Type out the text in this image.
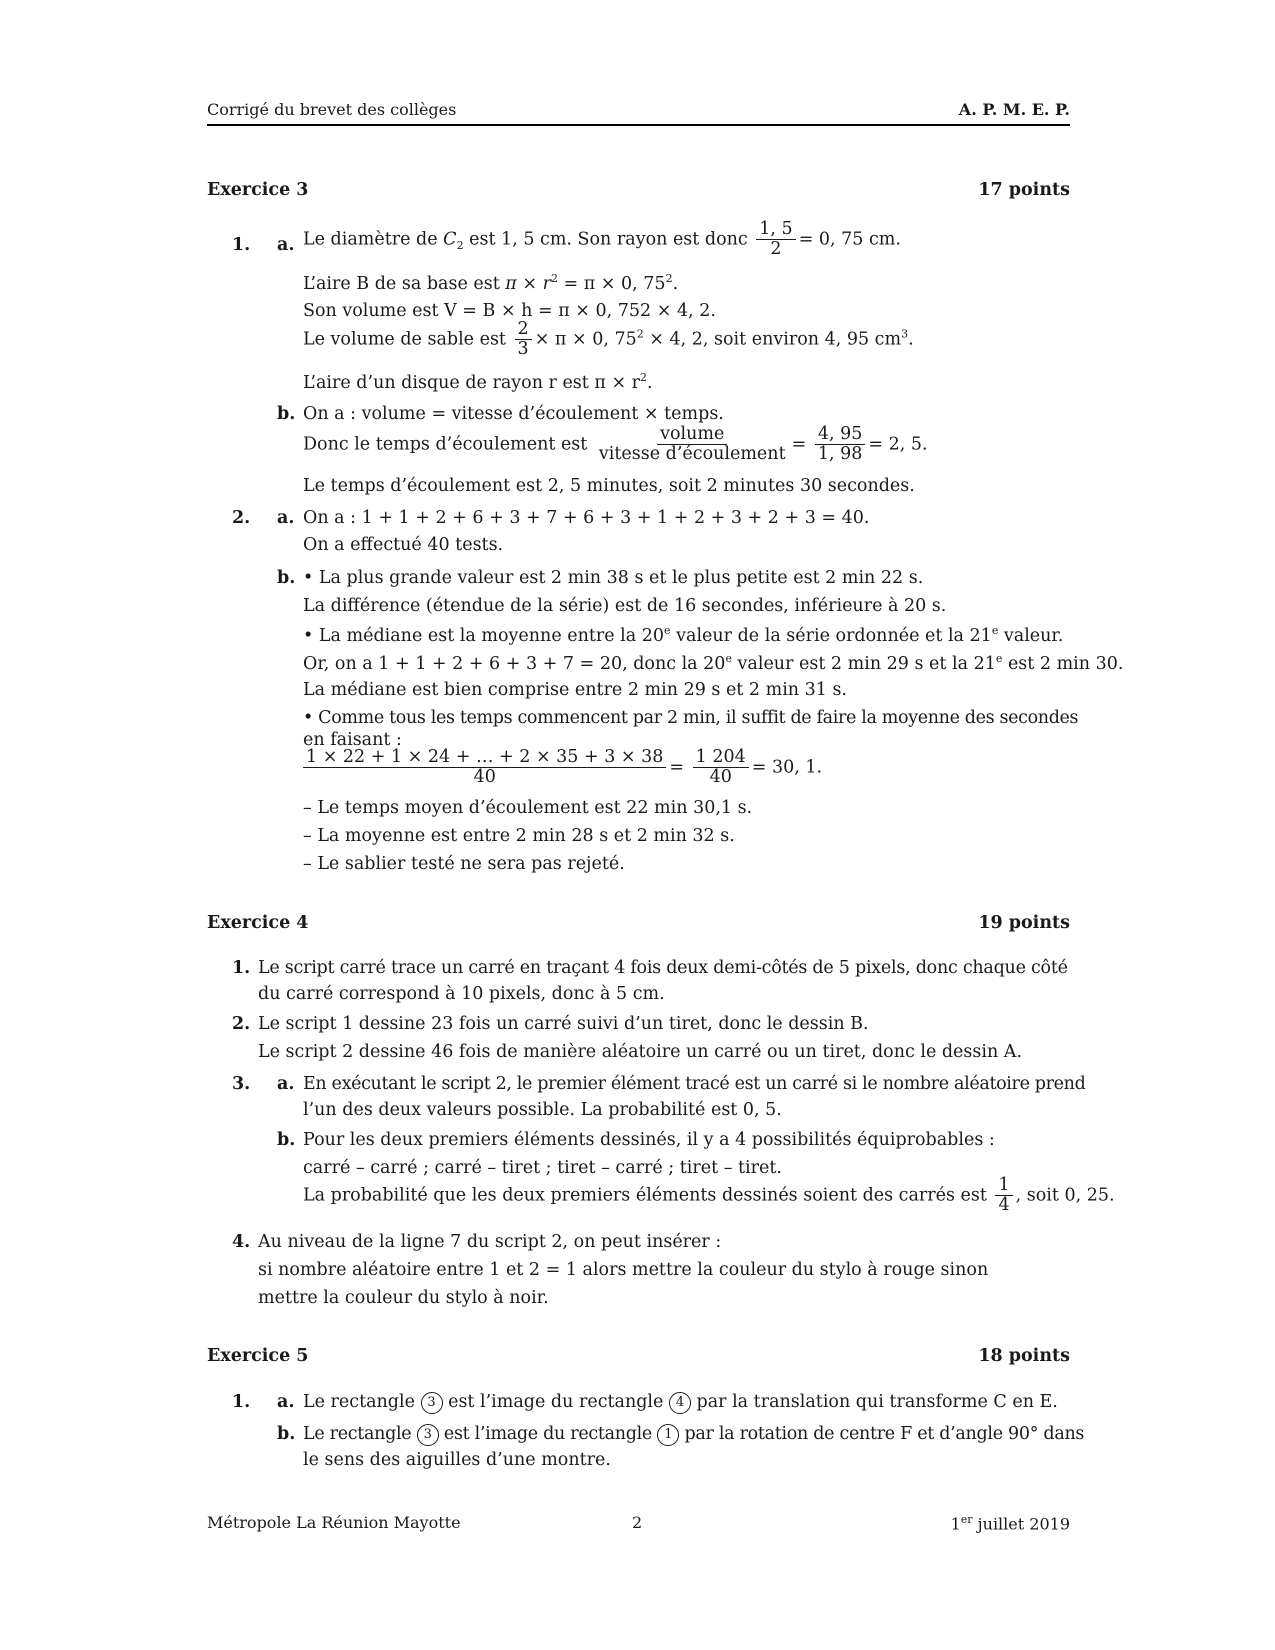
Corrigé du brevet des collèges	A. P. M. E. P.
Exercice 3	17 points
1. a. Le diamètre de $C_2$ est 1, 5 cm. Son rayon est donc $\frac{1, 5}{2} = 0$, 75 cm.
L’aire B de sa base est $\pi \times r^2 = \pi \times 0$, $75^2$.
Son volume est V = B × h = π × 0, 752 × 4, 2.
Le volume de sable est $\frac{2}{3} \times \pi \times 0$, $75^2 \times 4$, 2, soit environ 4, 95 $cm^3$.
L’aire d’un disque de rayon r est $\pi \times r^2$.
b. On a : volume = vitesse d’écoulement × temps.
Donc le temps d’écoulement est $\frac{\text{volume}}{\text{vitesse d’écoulement}} = \frac{4, 95}{1, 98} = 2$, 5.
Le temps d’écoulement est 2, 5 minutes, soit 2 minutes 30 secondes.
2. a. On a : 1 + 1 + 2 + 6 + 3 + 7 + 6 + 3 + 1 + 2 + 3 + 2 + 3 = 40.
On a effectué 40 tests.
b. • La plus grande valeur est 2 min 38 s et le plus petite est 2 min 22 s.
La différence (étendue de la série) est de 16 secondes, inférieure à 20 s.
• La médiane est la moyenne entre la 20e valeur de la série ordonnée et la 21e valeur.
Or, on a 1 + 1 + 2 + 6 + 3 + 7 = 20, donc la 20e valeur est 2 min 29 s et la 21e est 2 min 30.
La médiane est bien comprise entre 2 min 29 s et 2 min 31 s.
• Comme tous les temps commencent par 2 min, il suffit de faire la moyenne des secondes
en faisant :
$\frac{1 \times 22 + 1 \times 24 + \dots + 2 \times 35 + 3 \times 38}{40} = \frac{1 204}{40} = 30$, 1.
– Le temps moyen d’écoulement est 22 min 30,1 s.
– La moyenne est entre 2 min 28 s et 2 min 32 s.
– Le sablier testé ne sera pas rejeté.
Exercice 4	19 points
1. Le script carré trace un carré en traçant 4 fois deux demi-côtés de 5 pixels, donc chaque côté
du carré correspond à 10 pixels, donc à 5 cm.
2. Le script 1 dessine 23 fois un carré suivi d’un tiret, donc le dessin B.
Le script 2 dessine 46 fois de manière aléatoire un carré ou un tiret, donc le dessin A.
3. a. En exécutant le script 2, le premier élément tracé est un carré si le nombre aléatoire prend
l’un des deux valeurs possible. La probabilité est 0, 5.
b. Pour les deux premiers éléments dessinés, il y a 4 possibilités équiprobables :
carré – carré ; carré – tiret ; tiret – carré ; tiret – tiret.
La probabilité que les deux premiers éléments dessinés soient des carrés est $\frac{1}{4}$ , soit 0, 25.
4. Au niveau de la ligne 7 du script 2, on peut insérer :
si nombre aléatoire entre 1 et 2 = 1 alors mettre la couleur du stylo à rouge sinon
mettre la couleur du stylo à noir.
Exercice 5	18 points
1. a. Le rectangle 3 est l’image du rectangle 4 par la translation qui transforme C en E.
b. Le rectangle 3 est l’image du rectangle 1 par la rotation de centre F et d’angle 90° dans
le sens des aiguilles d’une montre.
Métropole La Réunion Mayotte	2	1er juillet 2019
